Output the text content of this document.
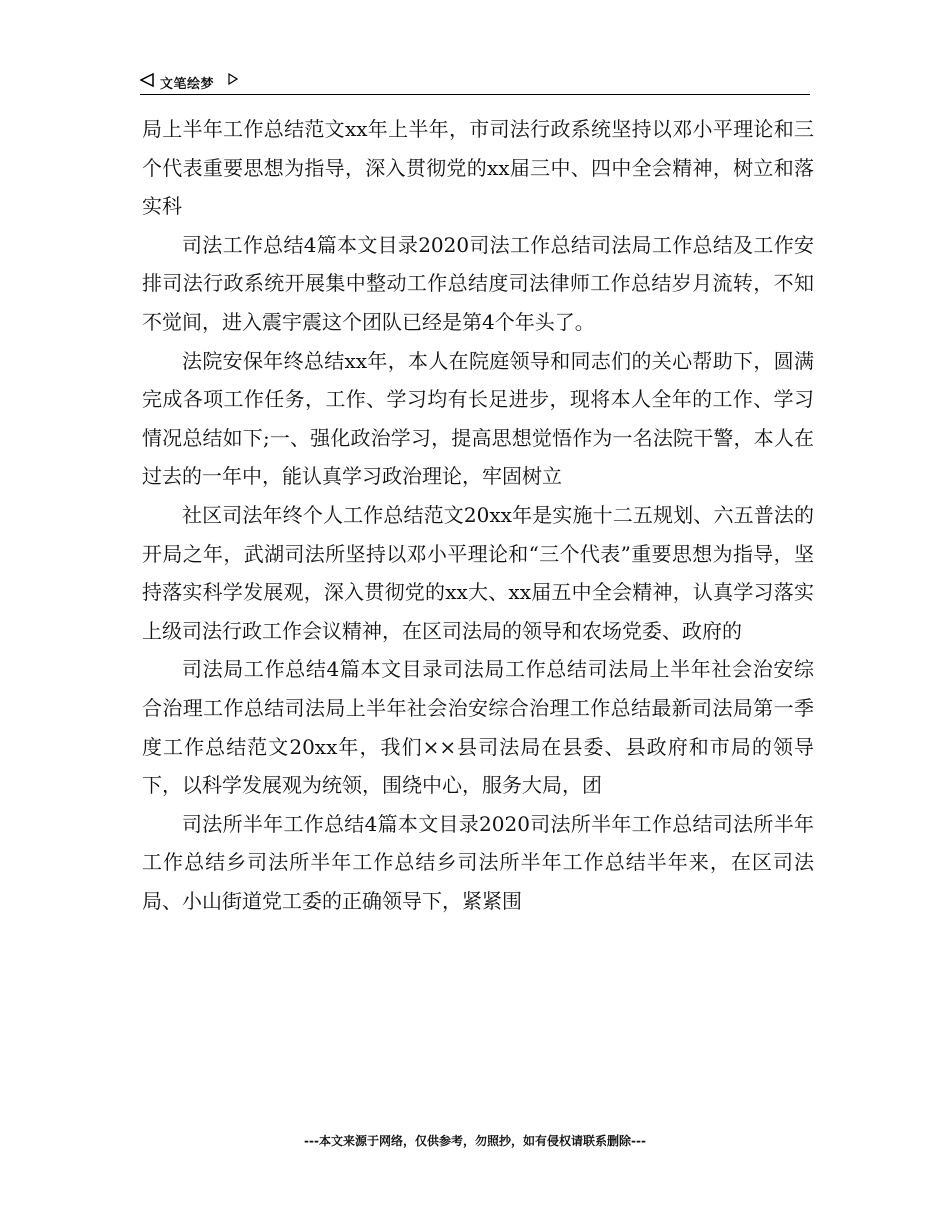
文笔绘梦

局上半年工作总结范文xx年上半年，市司法行政系统坚持以邓小平理论和三个代表重要思想为指导，深入贯彻党的xx届三中、四中全会精神，树立和落实科

司法工作总结4篇本文目录2020司法工作总结司法局工作总结及工作安排司法行政系统开展集中整动工作总结度司法律师工作总结岁月流转，不知不觉间，进入震宇震这个团队已经是第4个年头了。

法院安保年终总结xx年，本人在院庭领导和同志们的关心帮助下，圆满完成各项工作任务，工作、学习均有长足进步，现将本人全年的工作、学习情况总结如下;一、强化政治学习，提高思想觉悟作为一名法院干警，本人在过去的一年中，能认真学习政治理论，牢固树立

社区司法年终个人工作总结范文20xx年是实施十二五规划、六五普法的开局之年，武湖司法所坚持以邓小平理论和“三个代表”重要思想为指导，坚持落实科学发展观，深入贯彻党的xx大、xx届五中全会精神，认真学习落实上级司法行政工作会议精神，在区司法局的领导和农场党委、政府的

司法局工作总结4篇本文目录司法局工作总结司法局上半年社会治安综合治理工作总结司法局上半年社会治安综合治理工作总结最新司法局第一季度工作总结范文20xx年，我们××县司法局在县委、县政府和市局的领导下，以科学发展观为统领，围绕中心，服务大局，团

司法所半年工作总结4篇本文目录2020司法所半年工作总结司法所半年工作总结乡司法所半年工作总结乡司法所半年工作总结半年来，在区司法局、小山街道党工委的正确领导下，紧紧围

---本文来源于网络，仅供参考，勿照抄，如有侵权请联系删除---
